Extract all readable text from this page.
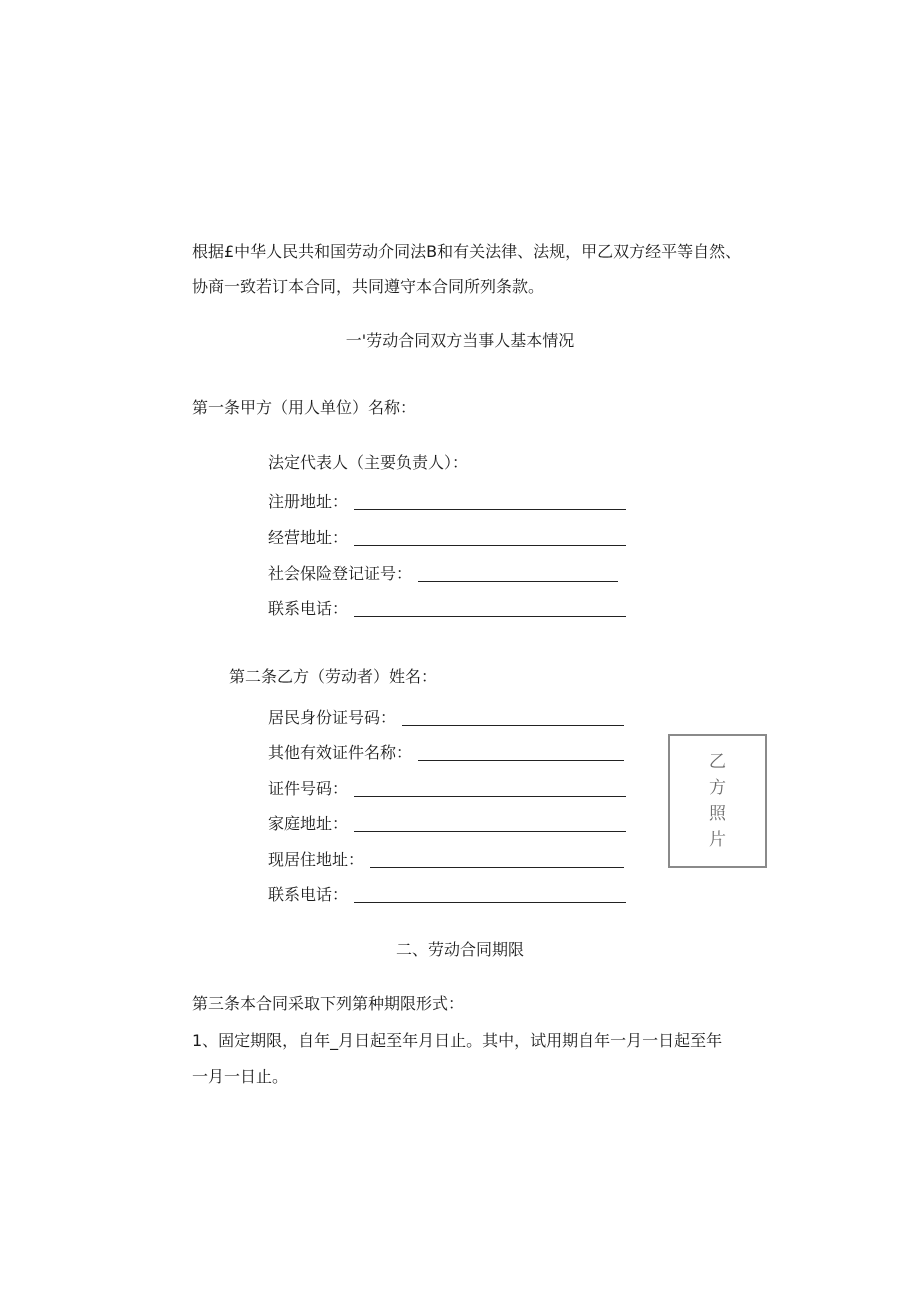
根据£中华人民共和国劳动介同法B和有关法律、法规，甲乙双方经平等自然、
协商一致若订本合同，共同遵守本合同所列条款。
一'劳动合同双方当事人基本情况
第一条甲方（用人单位）名称：
法定代表人（主要负责人）：
注册地址：
经营地址：
社会保险登记证号：
联系电话：
第二条乙方（劳动者）姓名：
居民身份证号码：
其他有效证件名称：
证件号码：
家庭地址：
现居住地址：
联系电话：
乙
方
照
片
二、劳动合同期限
第三条本合同采取下列第种期限形式：
1、固定期限，自年_月日起至年月日止。其中，试用期自年一月一日起至年
一月一日止。
